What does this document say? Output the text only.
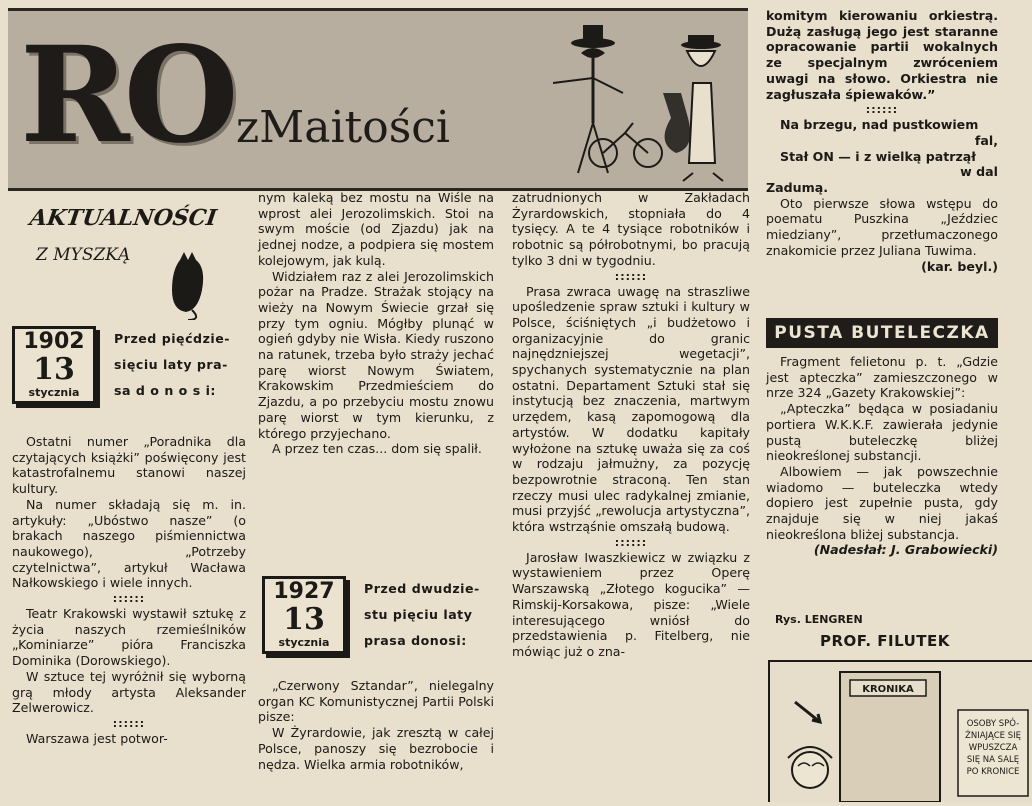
RO zMaitości
AKTUALNOŚCI
Z MYSZKĄ
1902
13
stycznia
Przed pięćdzie-
sięciu laty pra-
sa d o n o s i:

Ostatni numer „Poradnika dla czytających książki” poświęcony jest katastrofalnemu stanowi naszej kultury.

Na numer składają się m. in. artykuły: „Ubóstwo nasze” (o brakach naszego piśmiennictwa naukowego), „Potrzeby czytelnictwa”, artykuł Wacława Nałkowskiego i wiele innych.

::::::

Teatr Krakowski wystawił sztukę z życia naszych rzemieślników „Kominiarze” pióra Franciszka Dominika (Dorowskiego).

W sztuce tej wyróżnił się wyborną grą młody artysta Aleksander Zelwerowicz.

::::::

Warszawa jest potwor-

nym kaleką bez mostu na Wiśle na wprost alei Jerozolimskich. Stoi na swym moście (od Zjazdu) jak na jednej nodze, a podpiera się mostem kolejowym, jak kulą.

Widziałem raz z alei Jerozolimskich pożar na Pradze. Strażak stojący na wieży na Nowym Świecie grzał się przy tym ogniu. Mógłby plunąć w ogień gdyby nie Wisła. Kiedy ruszono na ratunek, trzeba było straży jechać parę wiorst Nowym Światem, Krakowskim Przedmieściem do Zjazdu, a po przebyciu mostu znowu parę wiorst w tym kierunku, z którego przyjechano.

A przez ten czas... dom się spalił.

1927
13
stycznia
Przed dwudzie-
stu pięciu laty
prasa donosi:

„Czerwony Sztandar”, nielegalny organ KC Komunistycznej Partii Polski pisze:

W Żyrardowie, jak zresztą w całej Polsce, panoszy się bezrobocie i nędza. Wielka armia robotników,

zatrudnionych w Zakładach Żyrardowskich, stopniała do 4 tysięcy. A te 4 tysiące robotników i robotnic są półrobotnymi, bo pracują tylko 3 dni w tygodniu.

::::::

Prasa zwraca uwagę na straszliwe upośledzenie spraw sztuki i kultury w Polsce, ściśniętych „i budżetowo i organizacyjnie do granic najnędzniejszej wegetacji”, spychanych systematycznie na plan ostatni. Departament Sztuki stał się instytucją bez znaczenia, martwym urzędem, kasą zapomogową dla artystów. W dodatku kapitały wyłożone na sztukę uważa się za coś w rodzaju jałmużny, za pozycję bezpowrotnie straconą. Ten stan rzeczy musi ulec radykalnej zmianie, musi przyjść „rewolucja artystyczna”, która wstrząśnie omszałą budową.

::::::

Jarosław Iwaszkiewicz w związku z wystawieniem przez Operę Warszawską „Złotego kogucika” — Rimskij-Korsakowa, pisze: „Wiele interesującego wniósł do przedstawienia p. Fitelberg, nie mówiąc już o zna-

komitym kierowaniu orkiestrą. Dużą zasługą jego jest staranne opracowanie partii wokalnych ze specjalnym zwróceniem uwagi na słowo. Orkiestra nie zagłuszała śpiewaków.”

::::::

Na brzegu, nad pustkowiem

fal,

Stał ON — i z wielką patrzął

w dal

Zadumą.

Oto pierwsze słowa wstępu do poematu Puszkina „Jeździec miedziany”, przetłumaczonego znakomicie przez Juliana Tuwima.

(kar. beyl.)

PUSTA BUTELECZKA

Fragment felietonu p. t. „Gdzie jest apteczka” zamieszczonego w nrze 324 „Gazety Krakowskiej”:

„Apteczka” będąca w posiadaniu portiera W.K.K.F. zawierała jedynie pustą buteleczkę bliżej nieokreślonej substancji.

Albowiem — jak powszechnie wiadomo — buteleczka wtedy dopiero jest zupełnie pusta, gdy znajduje się w niej jakaś nieokreślona bliżej substancja.

(Nadesłał: J. Grabowiecki)

Rys. LENGREN
PROF. FILUTEK
KRONIKA
OSOBY SPÓ-
ŹNIAJĄCE SIĘ
WPUSZCZA
SIĘ NA SALĘ
PO KRONICE
